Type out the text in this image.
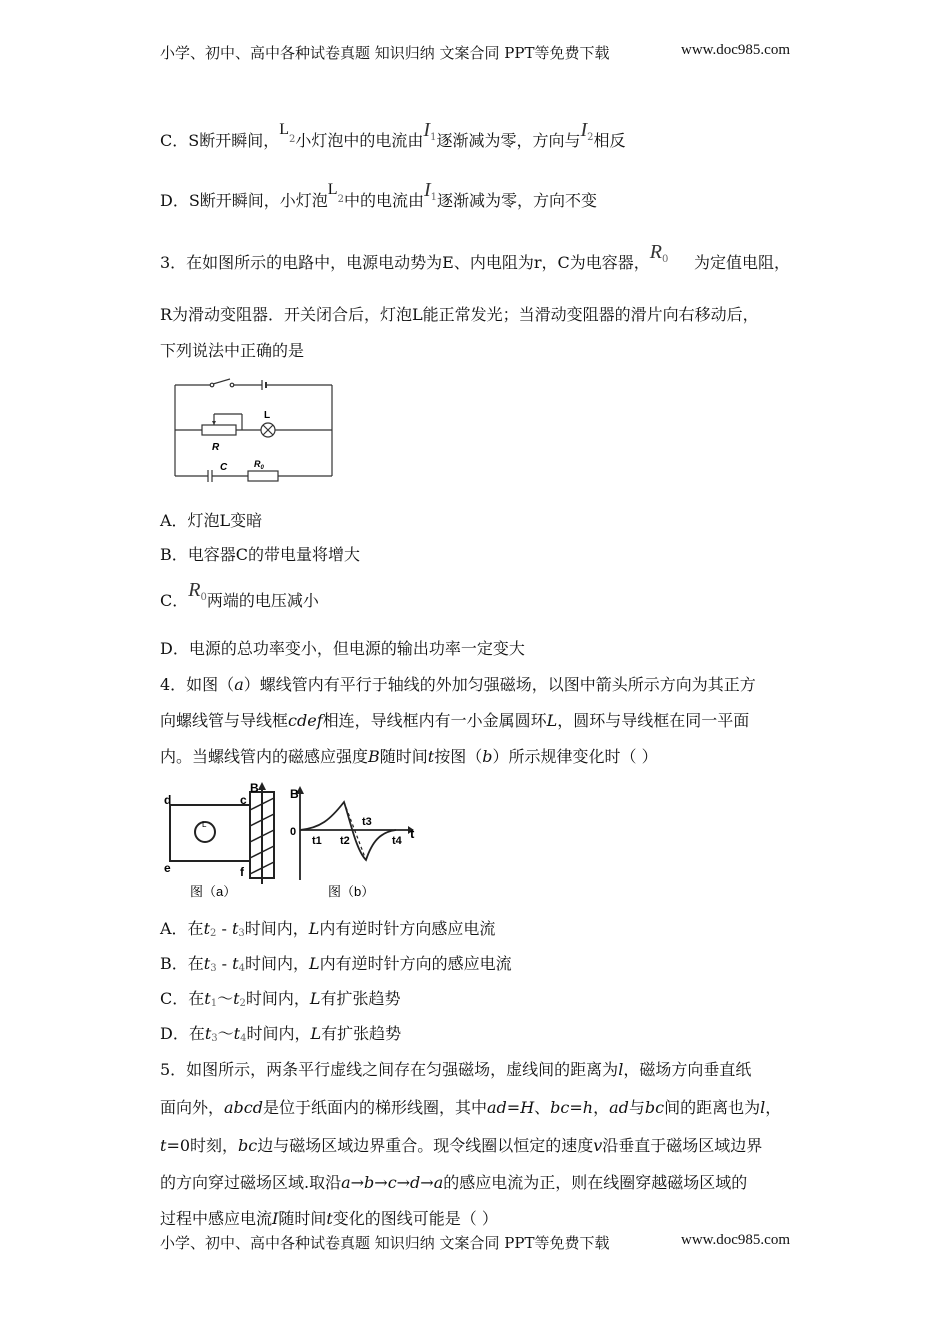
小学、初中、高中各种试卷真题 知识归纳 文案合同 PPT等免费下载	www.doc985.com
C．S断开瞬间，$L^2$小灯泡中的电流由$I^1$逐渐减为零，方向与$I^2$相反
D．S断开瞬间，小灯泡$L^2$中的电流由$I^1$逐渐减为零，方向不变
3．在如图所示的电路中，电源电动势为E、内电阻为r，C为电容器，$R^0$ 为定值电阻，
R为滑动变阻器．开关闭合后，灯泡L能正常发光；当滑动变阻器的滑片向右移动后，
下列说法中正确的是
L
R
C	$R_0$
A．灯泡L变暗
B．电容器C的带电量将增大
C．$R^0$两端的电压减小
D．电源的总功率变小，但电源的输出功率一定变大
4．如图（a）螺线管内有平行于轴线的外加匀强磁场，以图中箭头所示方向为其正方
向螺线管与导线框cdef相连，导线框内有一小金属圆环L，圆环与导线框在同一平面
内。当螺线管内的磁感应强度B随时间t按图（b）所示规律变化时（ ）
d	c
e	f
B
L
图（a）
B
0
t1 t2
t3
t4 t
图（b）
A．在t2 - t3时间内，L内有逆时针方向感应电流
B．在t3 - t4时间内，L内有逆时针方向的感应电流
C．在t1～t2时间内，L有扩张趋势
D．在t3～t4时间内，L有扩张趋势
5．如图所示，两条平行虚线之间存在匀强磁场，虚线间的距离为l，磁场方向垂直纸
面向外，abcd是位于纸面内的梯形线圈，其中ad=H、bc=h，ad与bc间的距离也为l，
t=0时刻，bc边与磁场区域边界重合。现令线圈以恒定的速度v沿垂直于磁场区域边界
的方向穿过磁场区域.取沿a→b→c→d→a的感应电流为正，则在线圈穿越磁场区域的
过程中感应电流I随时间t变化的图线可能是（ ）
小学、初中、高中各种试卷真题 知识归纳 文案合同 PPT等免费下载	www.doc985.com
